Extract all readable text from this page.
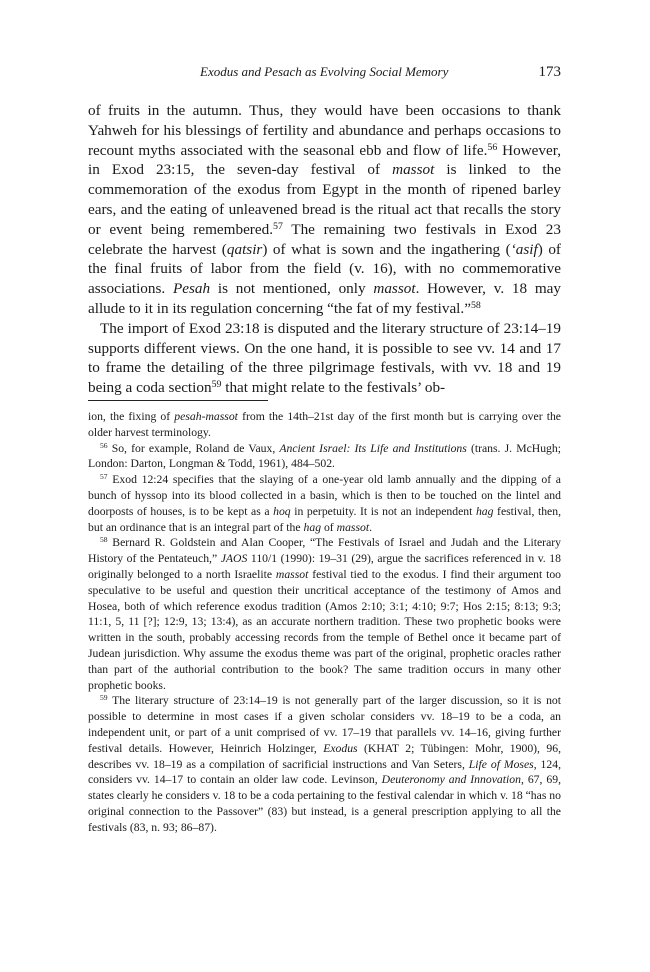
Exodus and Pesach as Evolving Social Memory	173

of fruits in the autumn. Thus, they would have been occasions to thank Yahweh for his blessings of fertility and abundance and perhaps occasions to recount myths associated with the seasonal ebb and flow of life.$^{56}$ However, in Exod 23:15, the seven-day festival of massot is linked to the commemoration of the exodus from Egypt in the month of ripened barley ears, and the eating of unleavened bread is the ritual act that recalls the story or event being remembered.$^{57}$ The remaining two festivals in Exod 23 celebrate the harvest (qatsir) of what is sown and the ingathering (‘asif) of the final fruits of labor from the field (v. 16), with no commemorative associations. Pesah is not mentioned, only massot. However, v. 18 may allude to it in its regulation concerning “the fat of my festival.”$^{58}$

The import of Exod 23:18 is disputed and the literary structure of 23:14–19 supports different views. On the one hand, it is possible to see vv. 14 and 17 to frame the detailing of the three pilgrimage festivals, with vv. 18 and 19 being a coda section$^{59}$ that might relate to the festivals’ ob-

ion, the fixing of pesah-massot from the 14th–21st day of the first month but is carrying over the older harvest terminology.

$^{56}$ So, for example, Roland de Vaux, Ancient Israel: Its Life and Institutions (trans. J. McHugh; London: Darton, Longman & Todd, 1961), 484–502.

$^{57}$ Exod 12:24 specifies that the slaying of a one-year old lamb annually and the dipping of a bunch of hyssop into its blood collected in a basin, which is then to be touched on the lintel and doorposts of houses, is to be kept as a hoq in perpetuity. It is not an independent hag festival, then, but an ordinance that is an integral part of the hag of massot.

$^{58}$ Bernard R. Goldstein and Alan Cooper, “The Festivals of Israel and Judah and the Literary History of the Pentateuch,” JAOS 110/1 (1990): 19–31 (29), argue the sacrifices referenced in v. 18 originally belonged to a north Israelite massot festival tied to the exodus. I find their argument too speculative to be useful and question their uncritical acceptance of the testimony of Amos and Hosea, both of which reference exodus tradition (Amos 2:10; 3:1; 4:10; 9:7; Hos 2:15; 8:13; 9:3; 11:1, 5, 11 [?]; 12:9, 13; 13:4), as an accurate northern tradition. These two prophetic books were written in the south, probably accessing records from the temple of Bethel once it became part of Judean jurisdiction. Why assume the exodus theme was part of the original, prophetic oracles rather than part of the authorial contribution to the book? The same tradition occurs in many other prophetic books.

$^{59}$ The literary structure of 23:14–19 is not generally part of the larger discussion, so it is not possible to determine in most cases if a given scholar considers vv. 18–19 to be a coda, an independent unit, or part of a unit comprised of vv. 17–19 that parallels vv. 14–16, giving further festival details. However, Heinrich Holzinger, Exodus (KHAT 2; Tübingen: Mohr, 1900), 96, describes vv. 18–19 as a compilation of sacrificial instructions and Van Seters, Life of Moses, 124, considers vv. 14–17 to contain an older law code. Levinson, Deuteronomy and Innovation, 67, 69, states clearly he considers v. 18 to be a coda pertaining to the festival calendar in which v. 18 “has no original connection to the Passover” (83) but instead, is a general prescription applying to all the festivals (83, n. 93; 86–87).
